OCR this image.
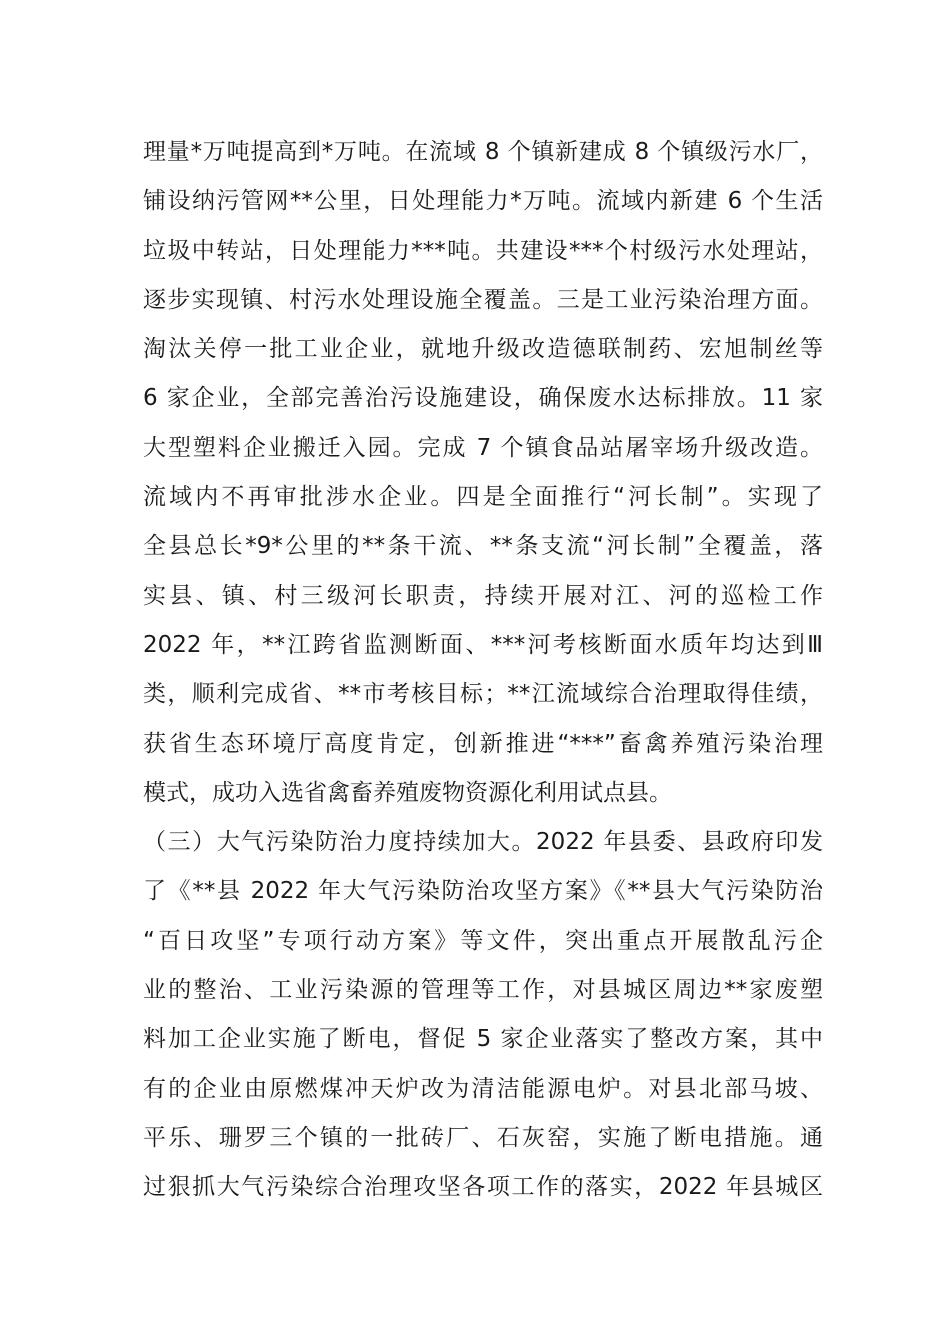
理量*万吨提高到*万吨。在流域 8 个镇新建成 8 个镇级污水厂，
铺设纳污管网**公里，日处理能力*万吨。流域内新建 6 个生活
垃圾中转站，日处理能力***吨。共建设***个村级污水处理站，
逐步实现镇、村污水处理设施全覆盖。三是工业污染治理方面。
淘汰关停一批工业企业，就地升级改造德联制药、宏旭制丝等
6 家企业，全部完善治污设施建设，确保废水达标排放。11 家
大型塑料企业搬迁入园。完成 7 个镇食品站屠宰场升级改造。
流域内不再审批涉水企业。四是全面推行“河长制”。实现了
全县总长*9*公里的**条干流、**条支流“河长制”全覆盖，落
实县、镇、村三级河长职责，持续开展对江、河的巡检工作
2022 年，**江跨省监测断面、***河考核断面水质年均达到Ⅲ
类，顺利完成省、**市考核目标；**江流域综合治理取得佳绩，
获省生态环境厅高度肯定，创新推进“***”畜禽养殖污染治理
模式，成功入选省禽畜养殖废物资源化利用试点县。
（三）大气污染防治力度持续加大。2022 年县委、县政府印发
了《**县 2022 年大气污染防治攻坚方案》《**县大气污染防治
“百日攻坚”专项行动方案》等文件，突出重点开展散乱污企
业的整治、工业污染源的管理等工作，对县城区周边**家废塑
料加工企业实施了断电，督促 5 家企业落实了整改方案，其中
有的企业由原燃煤冲天炉改为清洁能源电炉。对县北部马坡、
平乐、珊罗三个镇的一批砖厂、石灰窑，实施了断电措施。通
过狠抓大气污染综合治理攻坚各项工作的落实，2022 年县城区
